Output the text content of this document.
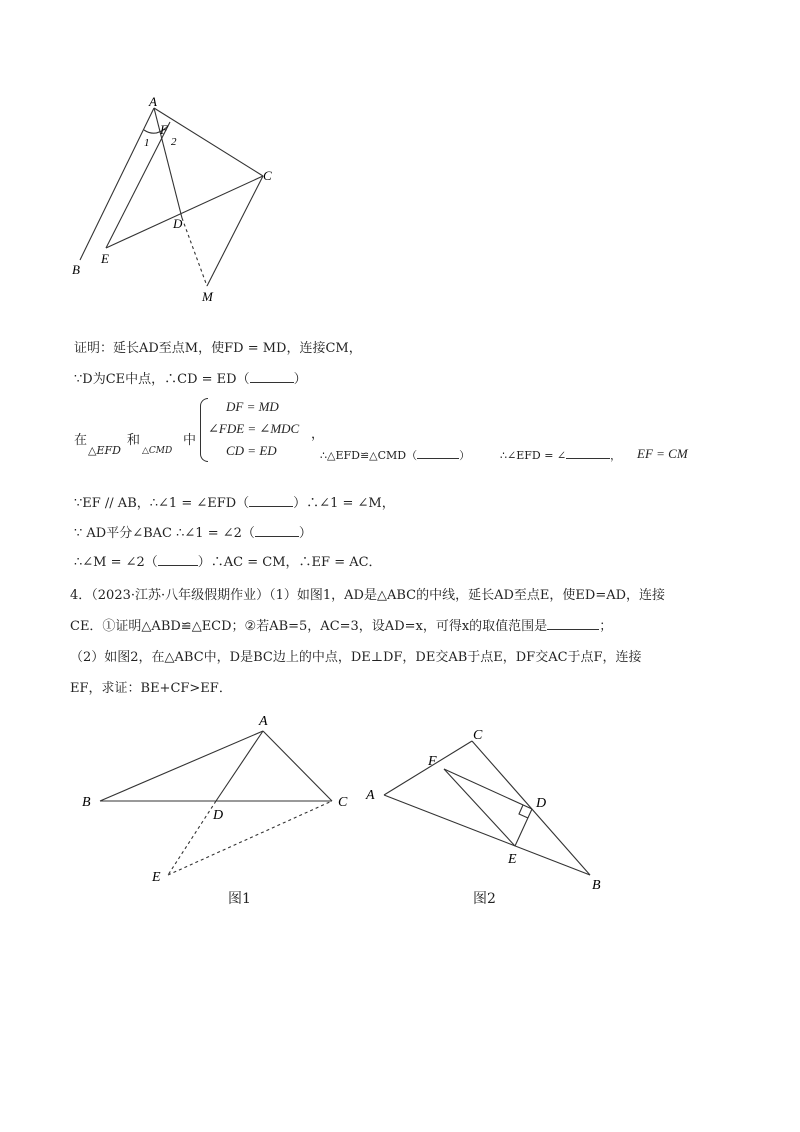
A
F
1 2
C
D
B
E
M
证明：延长AD至点M，使FD = MD，连接CM，
∵D为CE中点，∴CD = ED（	）
在	和	中
△EFD △CMD
DF = MD
∠FDE = ∠MDC
CD = ED
，
∴△EFD≌△CMD（	）	∴∠EFD = ∠	， EF = CM
∵EF // AB，∴∠1 = ∠EFD（	）∴∠1 = ∠M，
∵ AD平分∠BAC ∴∠1 = ∠2（	）
∴∠M = ∠2（	）∴AC = CM，∴EF = AC．
4．（2023·江苏·八年级假期作业）（1）如图1，AD是△ABC的中线，延长AD至点E，使ED=AD，连接
CE．①证明△ABD≌△ECD；②若AB=5，AC=3，设AD=x，可得x的取值范围是	；
（2）如图2，在△ABC中，D是BC边上的中点，DE⊥DF，DE交AB于点E，DF交AC于点F，连接
EF，求证：BE+CF>EF．
A
B	C
D
E
图1
A
C
F
D
E
B
图2
